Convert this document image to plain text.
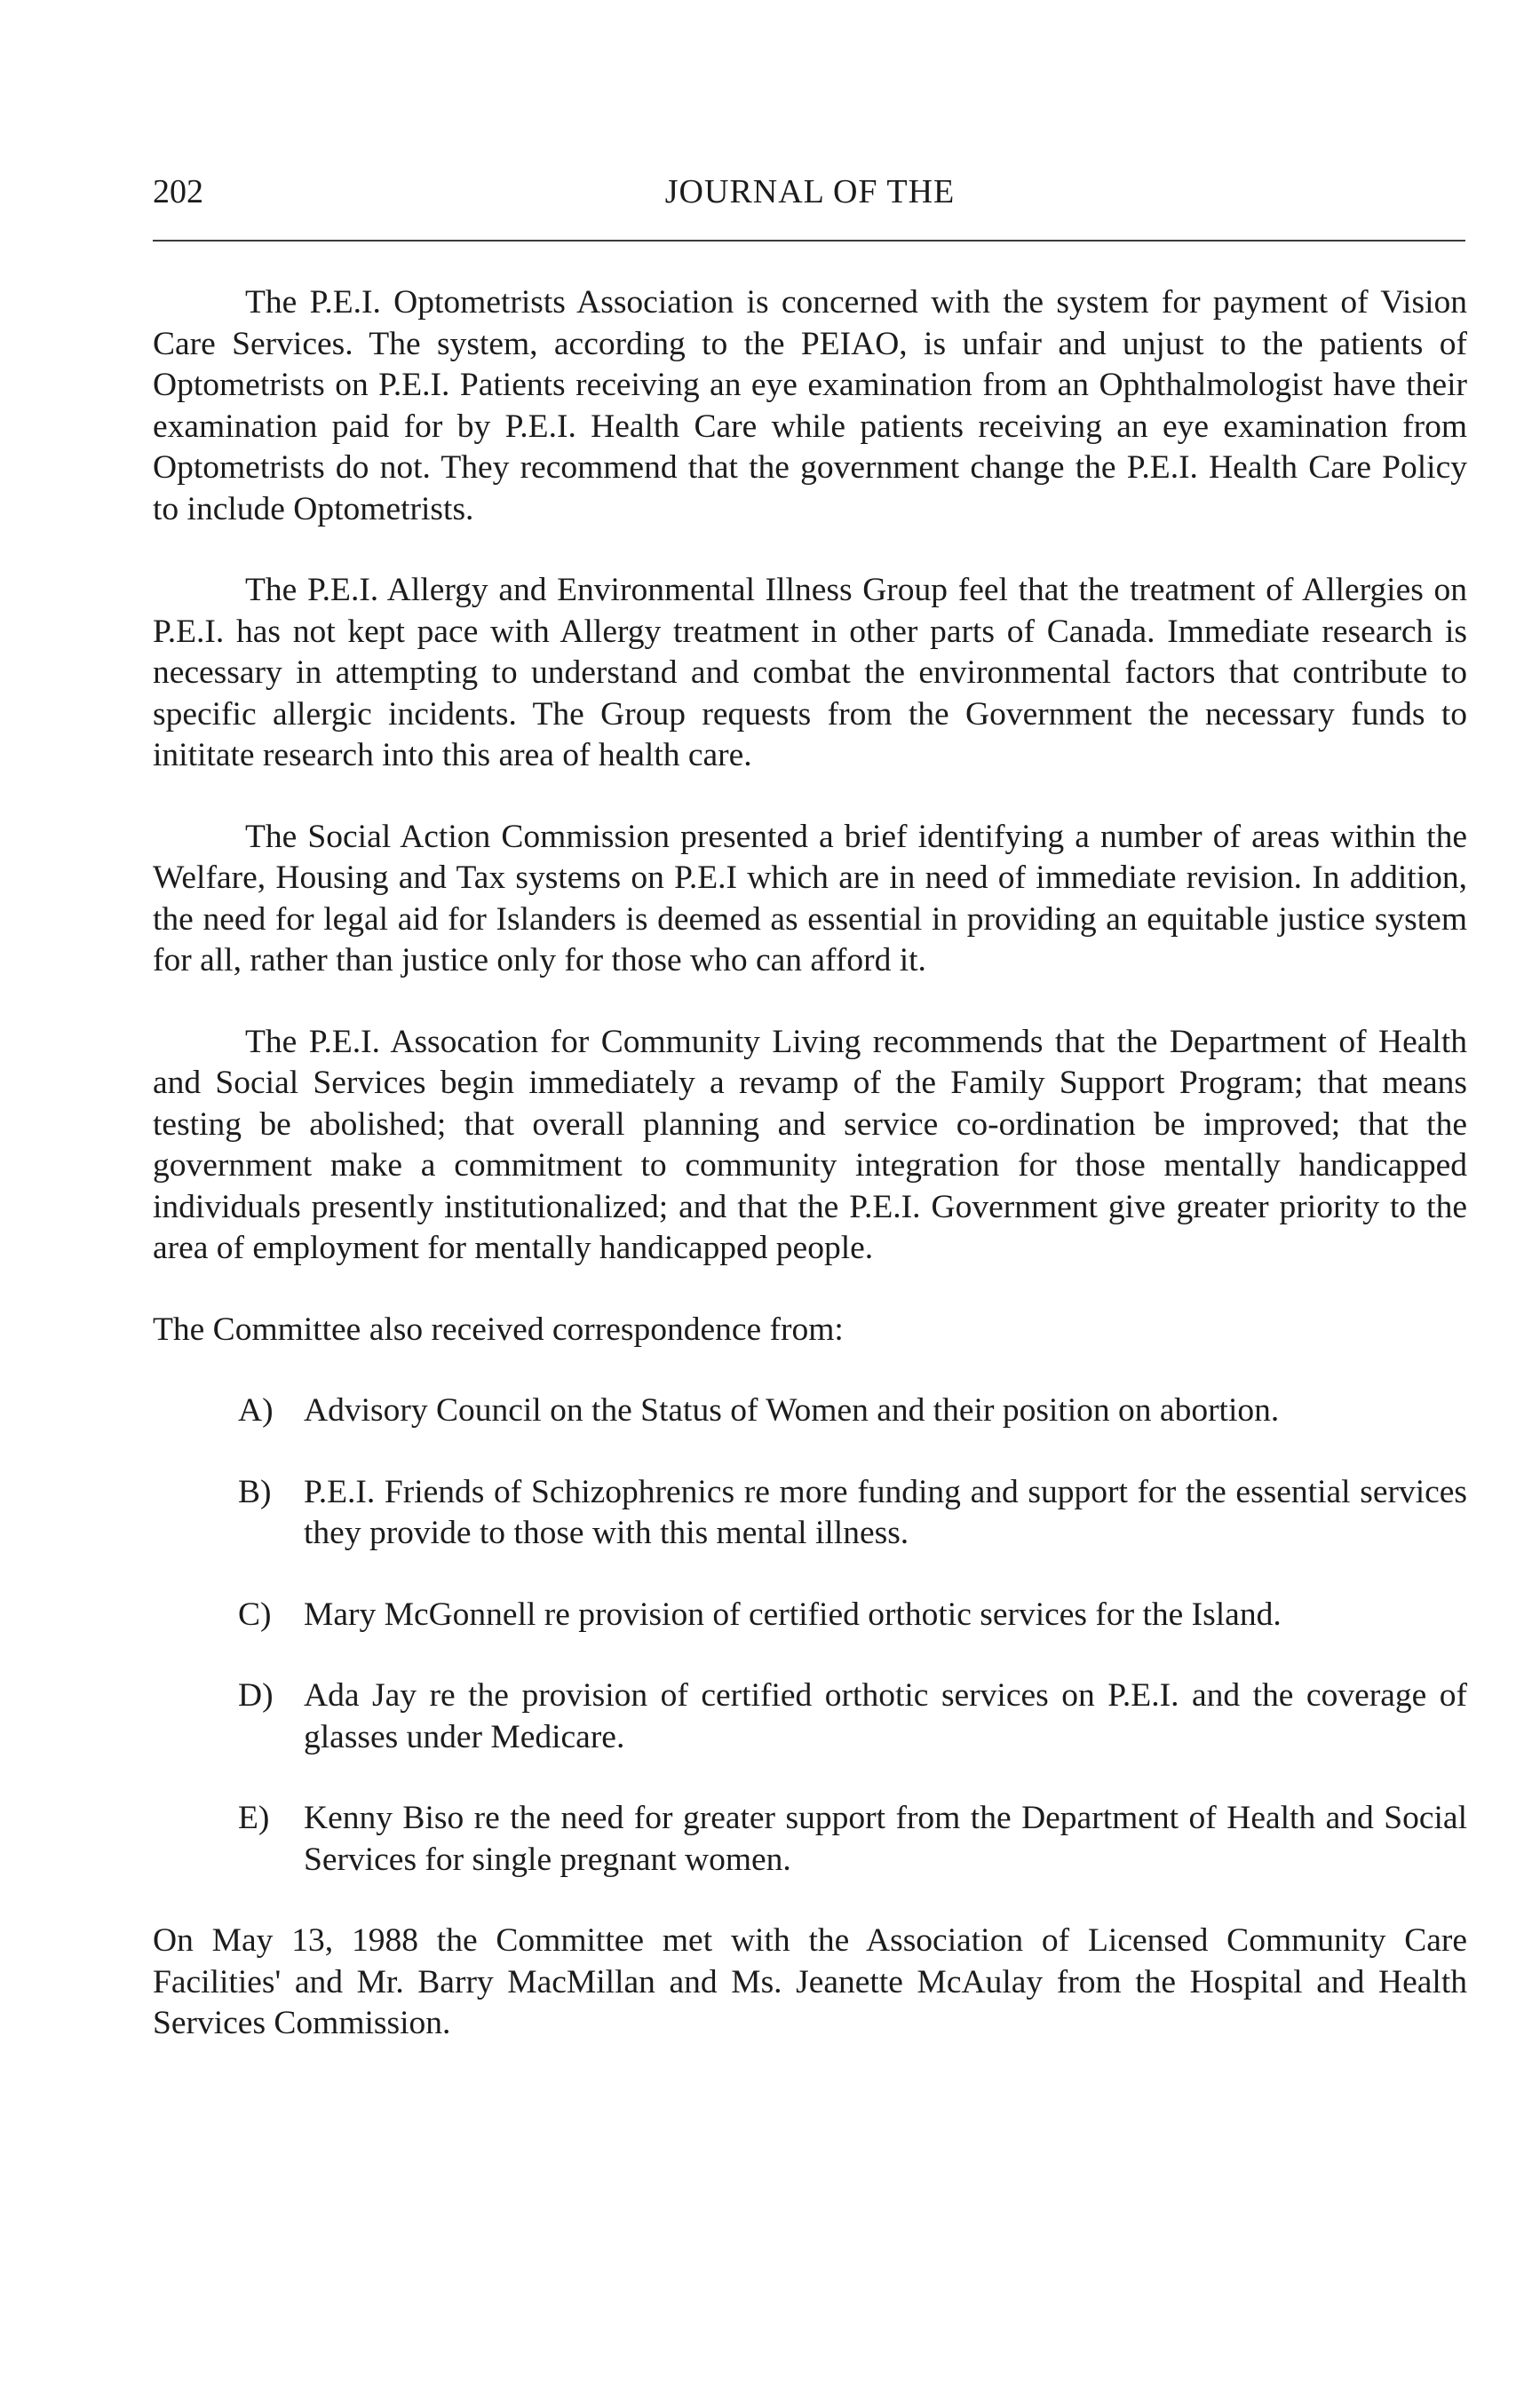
202	JOURNAL OF THE

The P.E.I. Optometrists Association is concerned with the system for payment of Vision Care Services. The system, according to the PEIAO, is unfair and unjust to the patients of Optometrists on P.E.I. Patients receiving an eye examination from an Ophthalmologist have their examination paid for by P.E.I. Health Care while patients receiving an eye examination from Optometrists do not. They recommend that the government change the P.E.I. Health Care Policy to include Optometrists.

The P.E.I. Allergy and Environmental Illness Group feel that the treatment of Allergies on P.E.I. has not kept pace with Allergy treatment in other parts of Canada. Immediate research is necessary in attempting to understand and combat the environmental factors that contribute to specific allergic incidents. The Group requests from the Government the necessary funds to inititate research into this area of health care.

The Social Action Commission presented a brief identifying a number of areas within the Welfare, Housing and Tax systems on P.E.I which are in need of immediate revision. In addition, the need for legal aid for Islanders is deemed as essential in providing an equitable justice system for all, rather than justice only for those who can afford it.

The P.E.I. Assocation for Community Living recommends that the Department of Health and Social Services begin immediately a revamp of the Family Support Program; that means testing be abolished; that overall planning and service co-ordination be improved; that the government make a commitment to community integration for those mentally handicapped individuals presently institutionalized; and that the P.E.I. Government give greater priority to the area of employment for mentally handicapped people.

The Committee also received correspondence from:

A) Advisory Council on the Status of Women and their position on abortion.
B) P.E.I. Friends of Schizophrenics re more funding and support for the essential services they provide to those with this mental illness.
C) Mary McGonnell re provision of certified orthotic services for the Island.
D) Ada Jay re the provision of certified orthotic services on P.E.I. and the coverage of glasses under Medicare.
E) Kenny Biso re the need for greater support from the Department of Health and Social Services for single pregnant women.

On May 13, 1988 the Committee met with the Association of Licensed Community Care Facilities' and Mr. Barry MacMillan and Ms. Jeanette McAulay from the Hospital and Health Services Commission.
